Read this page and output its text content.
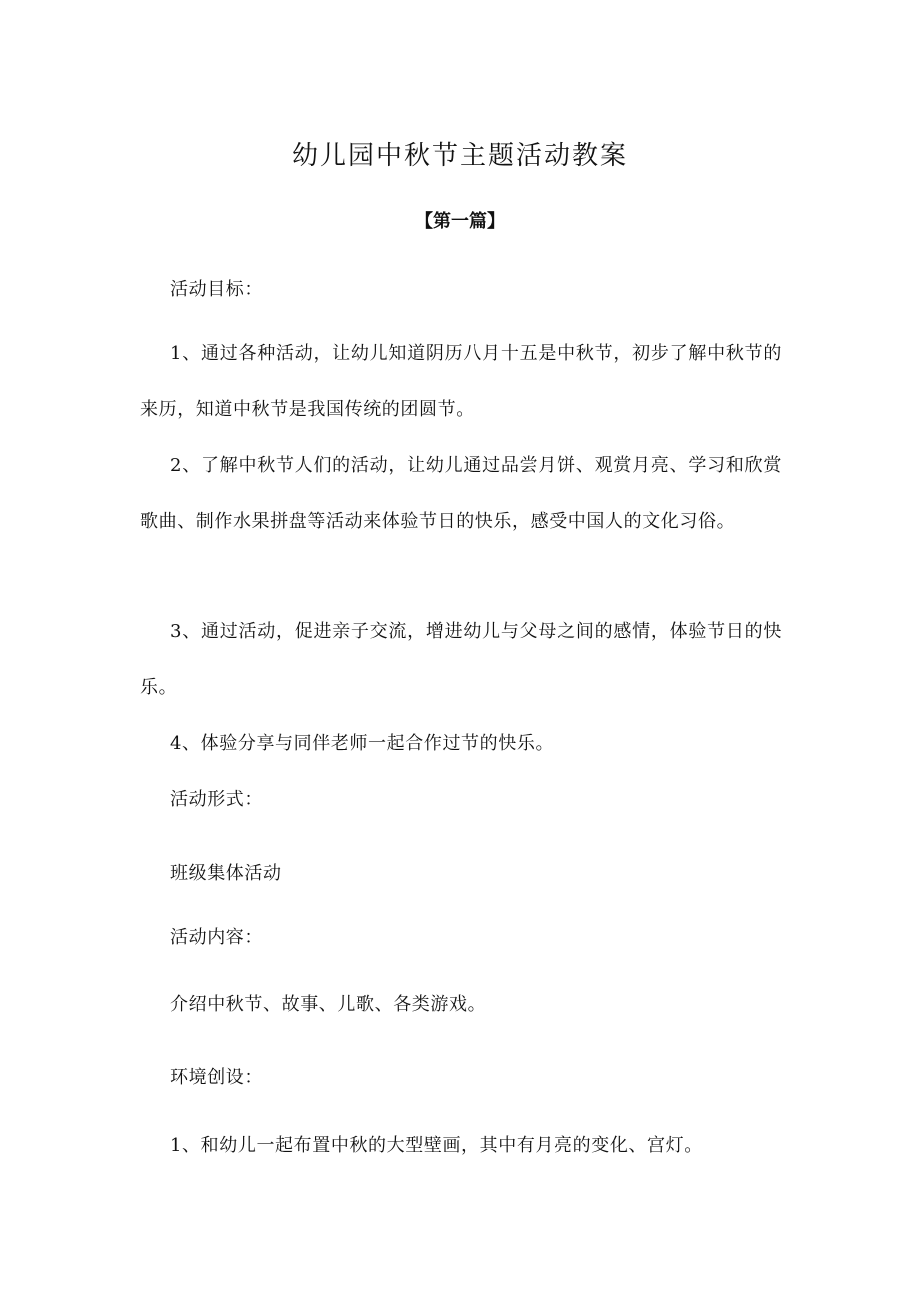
幼儿园中秋节主题活动教案
【第一篇】

活动目标：

1、通过各种活动，让幼儿知道阴历八月十五是中秋节，初步了解中秋节的来历，知道中秋节是我国传统的团圆节。

2、了解中秋节人们的活动，让幼儿通过品尝月饼、观赏月亮、学习和欣赏歌曲、制作水果拼盘等活动来体验节日的快乐，感受中国人的文化习俗。

3、通过活动，促进亲子交流，增进幼儿与父母之间的感情，体验节日的快乐。

4、体验分享与同伴老师一起合作过节的快乐。

活动形式：

班级集体活动

活动内容：

介绍中秋节、故事、儿歌、各类游戏。

环境创设：

1、和幼儿一起布置中秋的大型壁画，其中有月亮的变化、宫灯。
